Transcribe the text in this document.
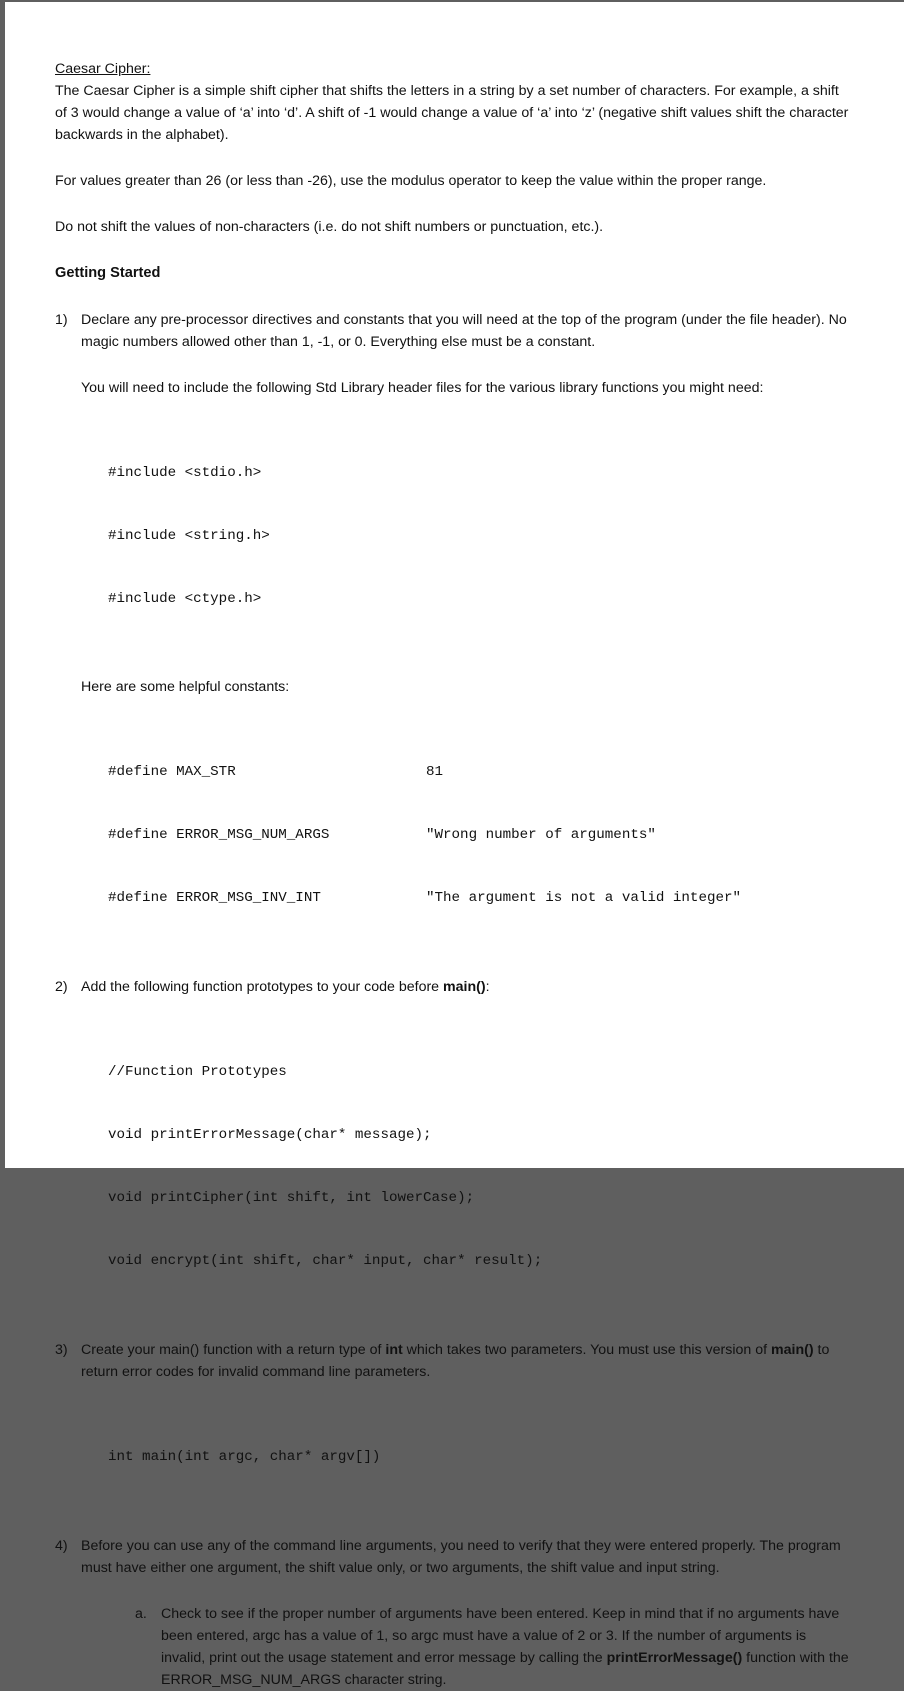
Caesar Cipher:

The Caesar Cipher is a simple shift cipher that shifts the letters in a string by a set number of characters. For example, a shift of 3 would change a value of ‘a’ into ‘d’. A shift of -1 would change a value of ‘a’ into ‘z’ (negative shift values shift the character backwards in the alphabet).

For values greater than 26 (or less than -26), use the modulus operator to keep the value within the proper range.

Do not shift the values of non-characters (i.e. do not shift numbers or punctuation, etc.).

Getting Started

1) Declare any pre-processor directives and constants that you will need at the top of the program (under the file header). No magic numbers allowed other than 1, -1, or 0. Everything else must be a constant.

You will need to include the following Std Library header files for the various library functions you might need:

#include <stdio.h>

#include <string.h>

#include <ctype.h>

Here are some helpful constants:

#define MAX_STR	81

#define ERROR_MSG_NUM_ARGS	"Wrong number of arguments"

#define ERROR_MSG_INV_INT	"The argument is not a valid integer"

2) Add the following function prototypes to your code before main():

//Function Prototypes

void printErrorMessage(char* message);

void printCipher(int shift, int lowerCase);

void encrypt(int shift, char* input, char* result);

3) Create your main() function with a return type of int which takes two parameters. You must use this version of main() to return error codes for invalid command line parameters.

int main(int argc, char* argv[])

4) Before you can use any of the command line arguments, you need to verify that they were entered properly. The program must have either one argument, the shift value only, or two arguments, the shift value and input string.
a. Check to see if the proper number of arguments have been entered. Keep in mind that if no arguments have been entered, argc has a value of 1, so argc must have a value of 2 or 3. If the number of arguments is invalid, print out the usage statement and error message by calling the printErrorMessage() function with the ERROR_MSG_NUM_ARGS character string.
